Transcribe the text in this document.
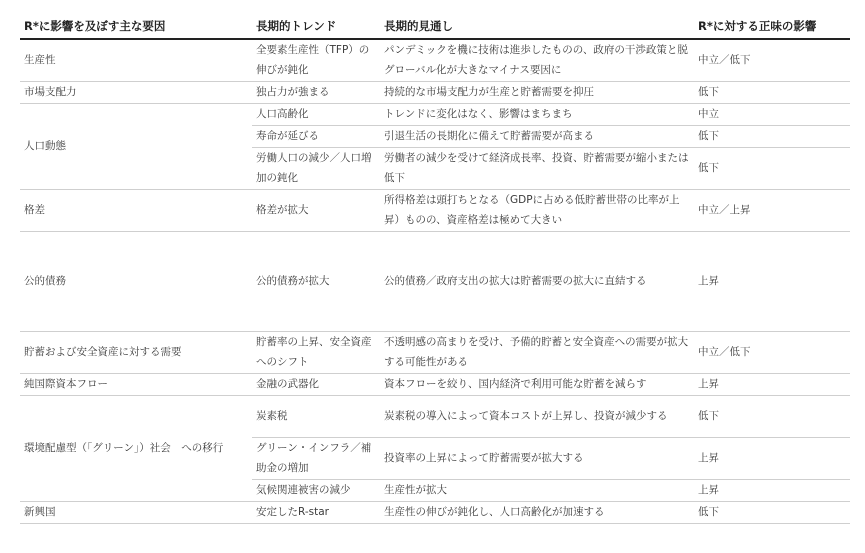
R*に影響を及ぼす主な要因	長期的トレンド	長期的見通し	R*に対する正味の影響
生産性	全要素生産性（TFP）の伸びが鈍化	パンデミックを機に技術は進歩したものの、政府の干渉政策と脱グローバル化が大きなマイナス要因に	中立／低下
市場支配力	独占力が強まる	持続的な市場支配力が生産と貯蓄需要を抑圧	低下
人口動態	人口高齢化	トレンドに変化はなく、影響はまちまち	中立
	寿命が延びる	引退生活の長期化に備えて貯蓄需要が高まる	低下
	労働人口の減少／人口増加の鈍化	労働者の減少を受けて経済成長率、投資、貯蓄需要が縮小または低下	低下
格差	格差が拡大	所得格差は頭打ちとなる（GDPに占める低貯蓄世帯の比率が上昇）ものの、資産格差は極めて大きい	中立／上昇
公的債務	公的債務が拡大	公的債務／政府支出の拡大は貯蓄需要の拡大に直結する	上昇
貯蓄および安全資産に対する需要	貯蓄率の上昇、安全資産へのシフト	不透明感の高まりを受け、予備的貯蓄と安全資産への需要が拡大する可能性がある	中立／低下
純国際資本フロー	金融の武器化	資本フローを絞り、国内経済で利用可能な貯蓄を減らす	上昇
環境配慮型（「グリーン」）社会　への移行	炭素税	炭素税の導入によって資本コストが上昇し、投資が減少する	低下
	グリーン・インフラ／補助金の増加	投資率の上昇によって貯蓄需要が拡大する	上昇
	気候関連被害の減少	生産性が拡大	上昇
新興国	安定したR-star	生産性の伸びが鈍化し、人口高齢化が加速する	低下
